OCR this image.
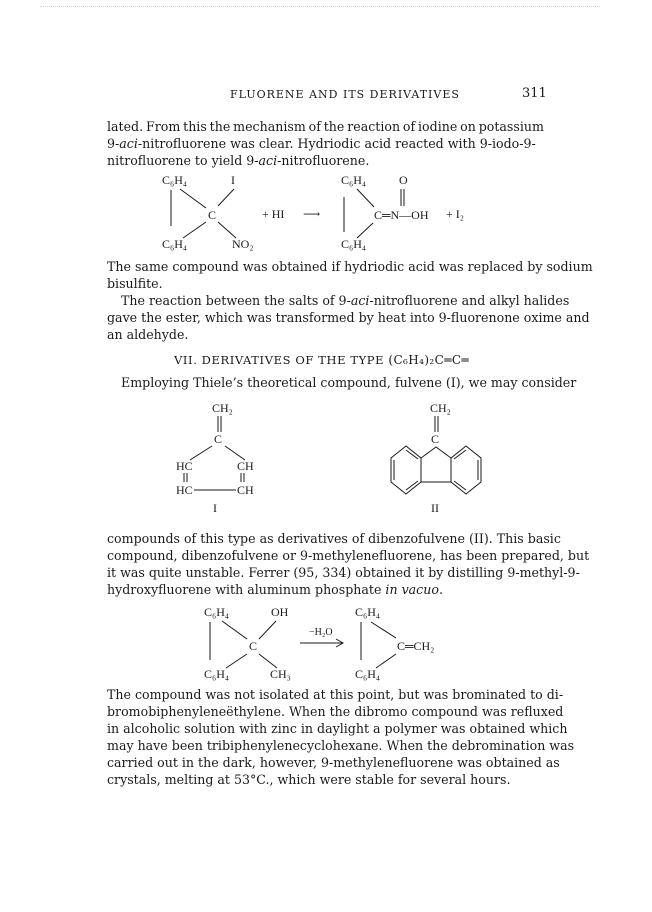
FLUORENE AND ITS DERIVATIVES	311
lated. From this the mechanism of the reaction of iodine on potassium
9-aci-nitrofluorene was clear. Hydriodic acid reacted with 9-iodo-9-
nitrofluorene to yield 9-aci-nitrofluorene.
C₆H₄	I
C
C₆H₄	NO₂
+ HI ⟶
C₆H₄	O
C═N—OH + I₂
C₆H₄
The same compound was obtained if hydriodic acid was replaced by sodium
bisulfite.
The reaction between the salts of 9-aci-nitrofluorene and alkyl halides
gave the ester, which was transformed by heat into 9-fluorenone oxime and
an aldehyde.
VII. DERIVATIVES OF THE TYPE (C₆H₄)₂C═C═
Employing Thiele’s theoretical compound, fulvene (I), we may consider
CH₂
C
HC	CH
HC	CH
I
CH₂
C
II
compounds of this type as derivatives of dibenzofulvene (II). This basic
compound, dibenzofulvene or 9-methylenefluorene, has been prepared, but
it was quite unstable. Ferrer (95, 334) obtained it by distilling 9-methyl-9-
hydroxyfluorene with aluminum phosphate in vacuo.
C₆H₄	OH
C
C₆H₄	CH₃
−H₂O
C₆H₄
C═CH₂
C₆H₄
The compound was not isolated at this point, but was brominated to di-
bromobiphenyleneëthylene. When the dibromo compound was refluxed
in alcoholic solution with zinc in daylight a polymer was obtained which
may have been tribiphenylenecyclohexane. When the debromination was
carried out in the dark, however, 9-methylenefluorene was obtained as
crystals, melting at 53°C., which were stable for several hours.
